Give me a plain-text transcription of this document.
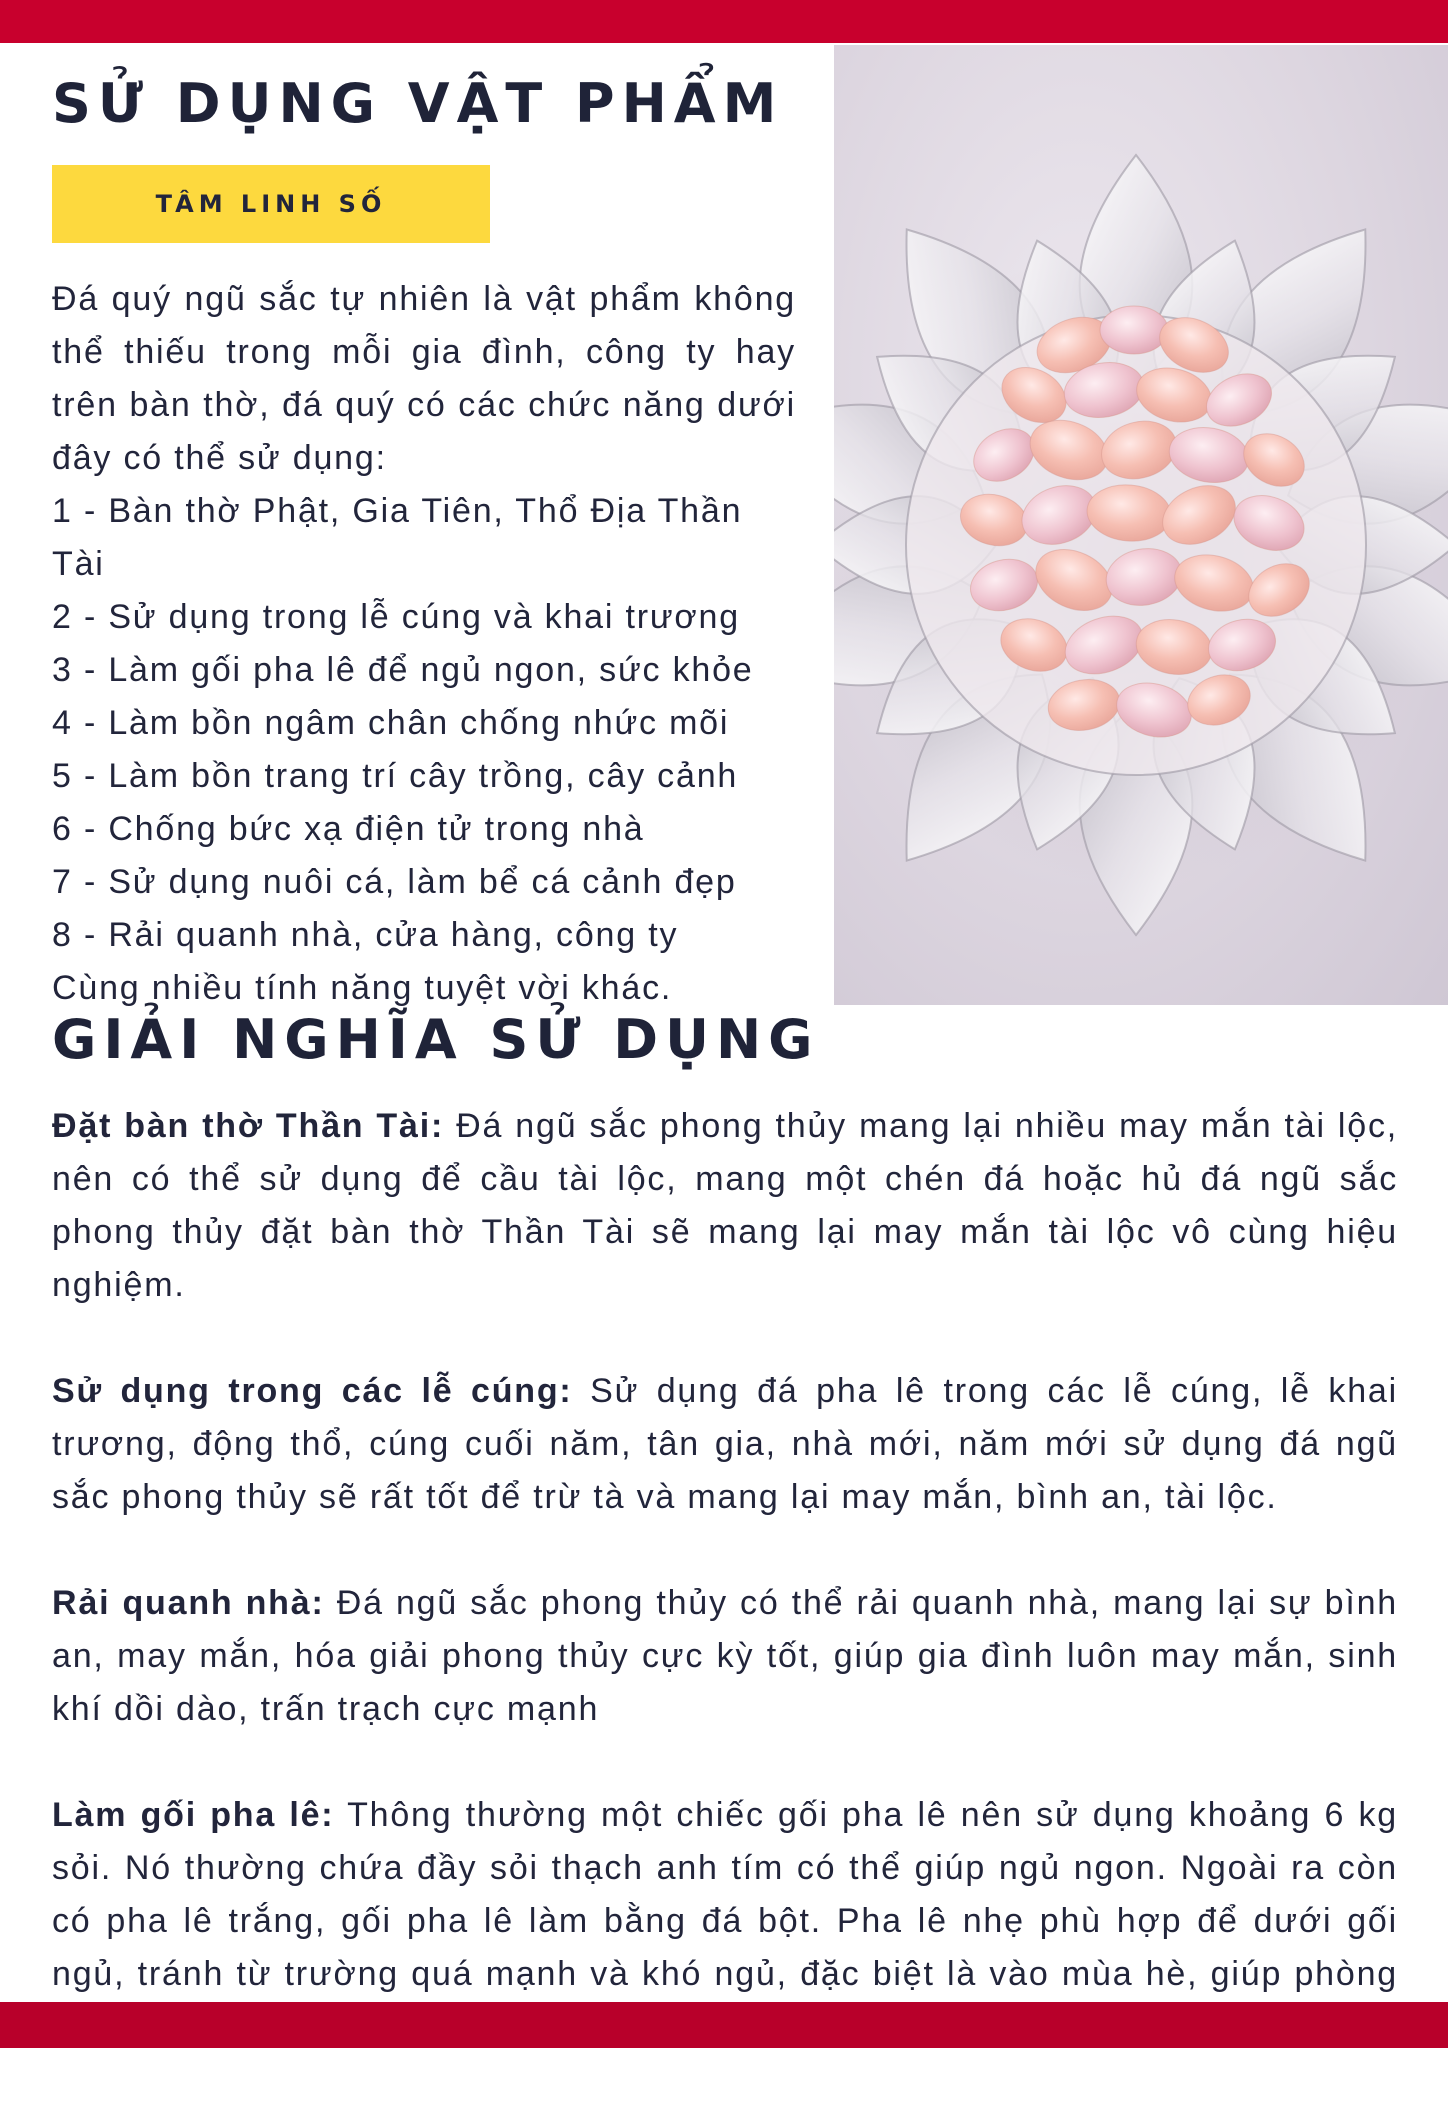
SỬ DỤNG VẬT PHẨM
TÂM LINH SỐ

Đá quý ngũ sắc tự nhiên là vật phẩm không thể thiếu trong mỗi gia đình, công ty hay trên bàn thờ, đá quý có các chức năng dưới đây có thể sử dụng:

1 - Bàn thờ Phật, Gia Tiên, Thổ Địa Thần Tài

2 - Sử dụng trong lễ cúng và khai trương

3 - Làm gối pha lê để ngủ ngon, sức khỏe

4 - Làm bồn ngâm chân chống nhức mõi

5 - Làm bồn trang trí cây trồng, cây cảnh

6 - Chống bức xạ điện tử trong nhà

7 - Sử dụng nuôi cá, làm bể cá cảnh đẹp

8 - Rải quanh nhà, cửa hàng, công ty

Cùng nhiều tính năng tuyệt vời khác.

GIẢI NGHĨA SỬ DỤNG

Đặt bàn thờ Thần Tài: Đá ngũ sắc phong thủy mang lại nhiều may mắn tài lộc, nên có thể sử dụng để cầu tài lộc, mang một chén đá hoặc hủ đá ngũ sắc phong thủy đặt bàn thờ Thần Tài sẽ mang lại may mắn tài lộc vô cùng hiệu nghiệm.

Sử dụng trong các lễ cúng: Sử dụng đá pha lê trong các lễ cúng, lễ khai trương, động thổ, cúng cuối năm, tân gia, nhà mới, năm mới sử dụng đá ngũ sắc phong thủy sẽ rất tốt để trừ tà và mang lại may mắn, bình an, tài lộc.

Rải quanh nhà: Đá ngũ sắc phong thủy có thể rải quanh nhà, mang lại sự bình an, may mắn, hóa giải phong thủy cực kỳ tốt, giúp gia đình luôn may mắn, sinh khí dồi dào, trấn trạch cực mạnh

Làm gối pha lê: Thông thường một chiếc gối pha lê nên sử dụng khoảng 6 kg sỏi. Nó thường chứa đầy sỏi thạch anh tím có thể giúp ngủ ngon. Ngoài ra còn có pha lê trắng, gối pha lê làm bằng đá bột. Pha lê nhẹ phù hợp để dưới gối ngủ, tránh từ trường quá mạnh và khó ngủ, đặc biệt là vào mùa hè, giúp phòng
